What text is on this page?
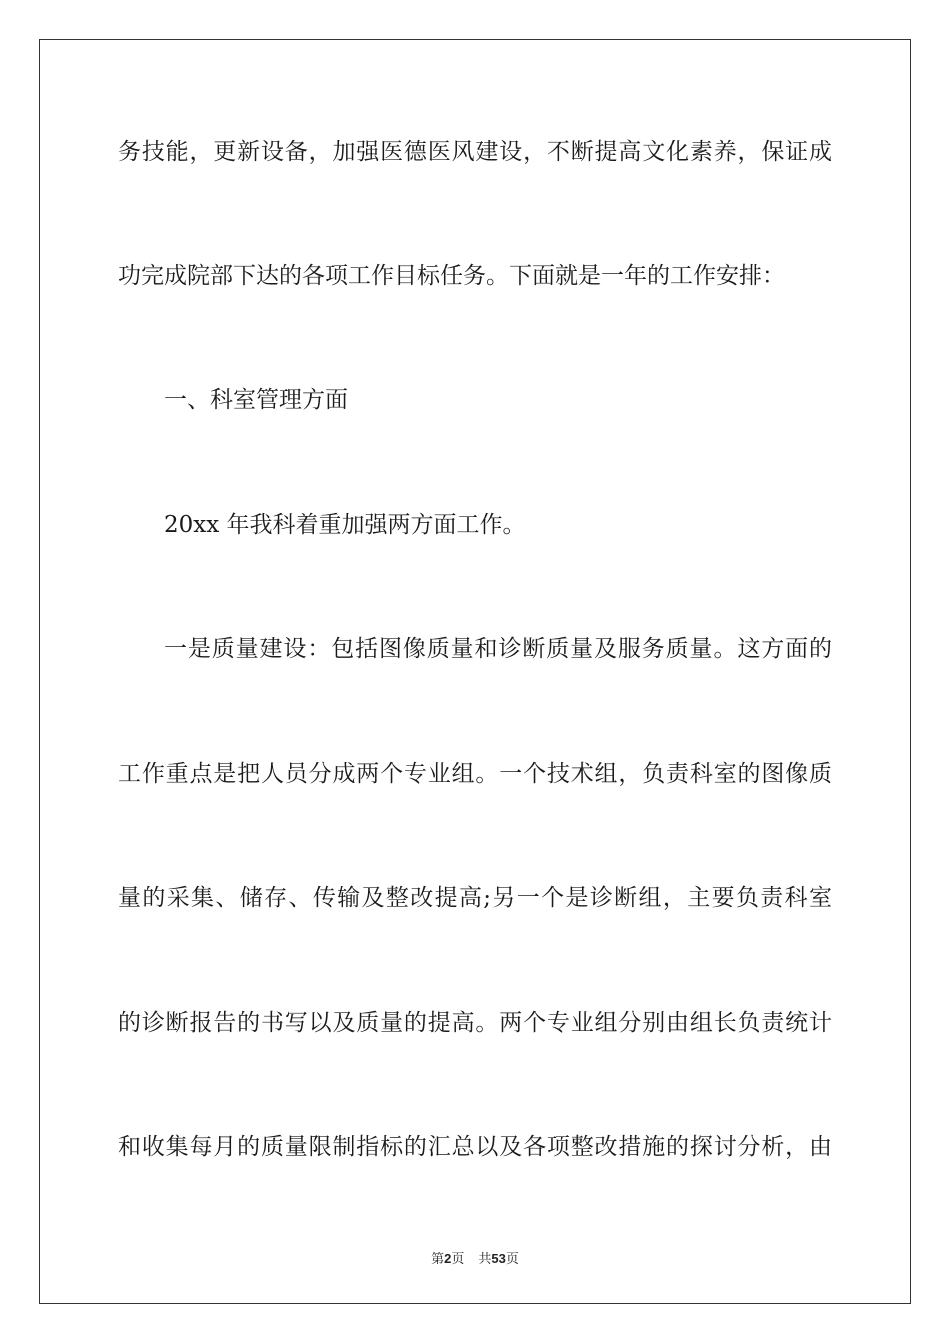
务技能，更新设备，加强医德医风建设，不断提高文化素养，保证成
功完成院部下达的各项工作目标任务。下面就是一年的工作安排：
一、科室管理方面
20xx 年我科着重加强两方面工作。
一是质量建设：包括图像质量和诊断质量及服务质量。这方面的
工作重点是把人员分成两个专业组。一个技术组，负责科室的图像质
量的采集、储存、传输及整改提高;另一个是诊断组，主要负责科室
的诊断报告的书写以及质量的提高。两个专业组分别由组长负责统计
和收集每月的质量限制指标的汇总以及各项整改措施的探讨分析，由
第2页 共53页
